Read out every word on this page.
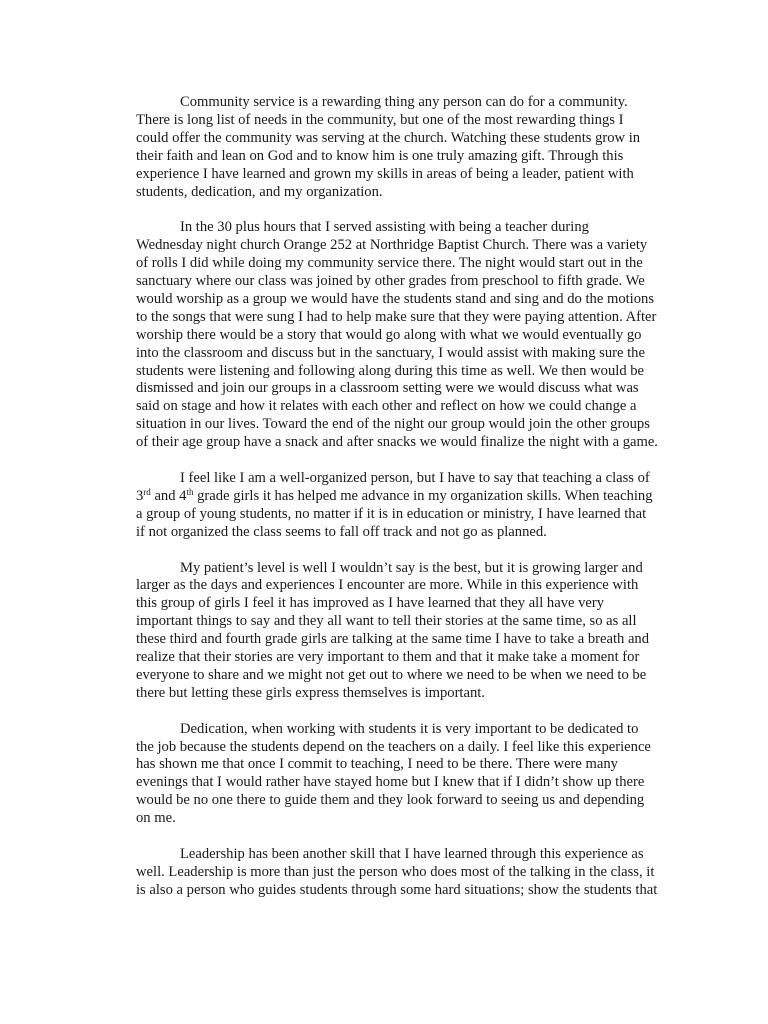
Community service is a rewarding thing any person can do for a community. There is long list of needs in the community, but one of the most rewarding things I could offer the community was serving at the church. Watching these students grow in their faith and lean on God and to know him is one truly amazing gift. Through this experience I have learned and grown my skills in areas of being a leader, patient with students, dedication, and my organization.

In the 30 plus hours that I served assisting with being a teacher during Wednesday night church Orange 252 at Northridge Baptist Church. There was a variety of rolls I did while doing my community service there. The night would start out in the sanctuary where our class was joined by other grades from preschool to fifth grade. We would worship as a group we would have the students stand and sing and do the motions to the songs that were sung I had to help make sure that they were paying attention. After worship there would be a story that would go along with what we would eventually go into the classroom and discuss but in the sanctuary, I would assist with making sure the students were listening and following along during this time as well. We then would be dismissed and join our groups in a classroom setting were we would discuss what was said on stage and how it relates with each other and reflect on how we could change a situation in our lives. Toward the end of the night our group would join the other groups of their age group have a snack and after snacks we would finalize the night with a game.

I feel like I am a well-organized person, but I have to say that teaching a class of 3rd and 4th grade girls it has helped me advance in my organization skills. When teaching a group of young students, no matter if it is in education or ministry, I have learned that if not organized the class seems to fall off track and not go as planned.

My patient’s level is well I wouldn’t say is the best, but it is growing larger and larger as the days and experiences I encounter are more. While in this experience with this group of girls I feel it has improved as I have learned that they all have very important things to say and they all want to tell their stories at the same time, so as all these third and fourth grade girls are talking at the same time I have to take a breath and realize that their stories are very important to them and that it make take a moment for everyone to share and we might not get out to where we need to be when we need to be there but letting these girls express themselves is important.

Dedication, when working with students it is very important to be dedicated to the job because the students depend on the teachers on a daily. I feel like this experience has shown me that once I commit to teaching, I need to be there. There were many evenings that I would rather have stayed home but I knew that if I didn’t show up there would be no one there to guide them and they look forward to seeing us and depending on me.

Leadership has been another skill that I have learned through this experience as well. Leadership is more than just the person who does most of the talking in the class, it is also a person who guides students through some hard situations; show the students that
